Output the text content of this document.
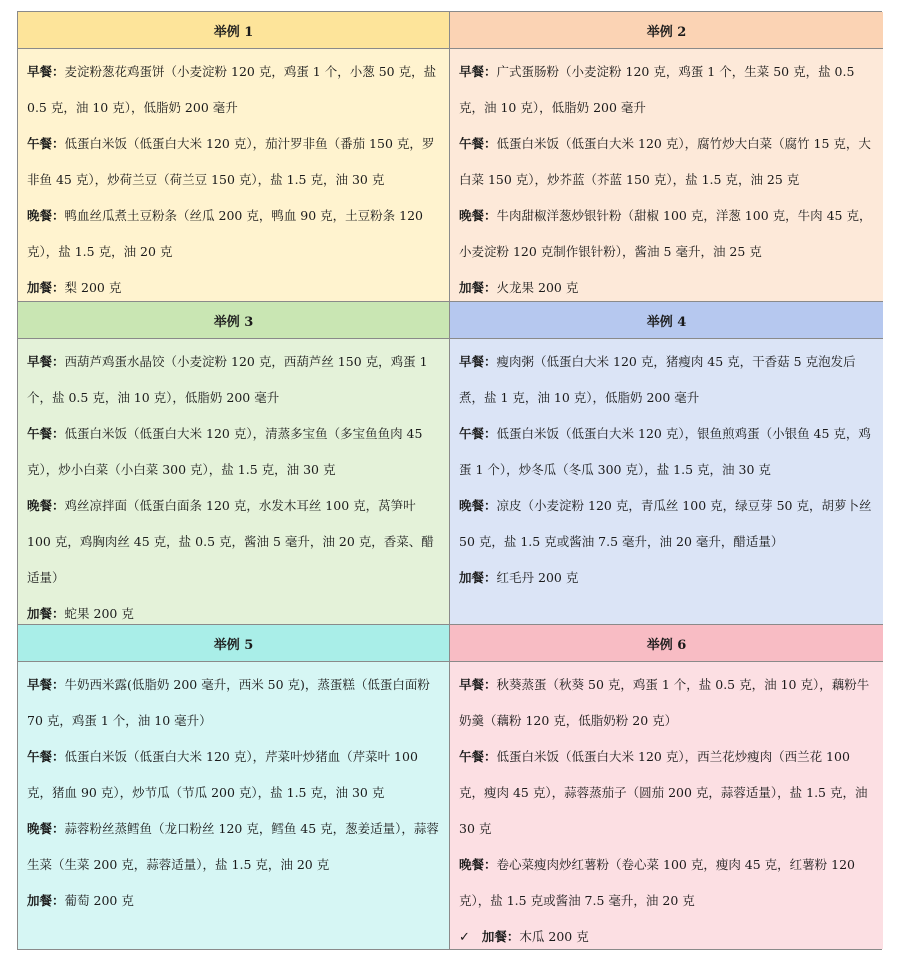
举例 1	举例 2

早餐：麦淀粉葱花鸡蛋饼（小麦淀粉 120 克，鸡蛋 1 个，小葱 50 克，盐 0.5 克，油 10 克），低脂奶 200 毫升

午餐：低蛋白米饭（低蛋白大米 120 克），茄汁罗非鱼（番茄 150 克，罗非鱼 45 克），炒荷兰豆（荷兰豆 150 克），盐 1.5 克，油 30 克

晚餐：鸭血丝瓜煮土豆粉条（丝瓜 200 克，鸭血 90 克，土豆粉条 120 克），盐 1.5 克，油 20 克

加餐：梨 200 克

早餐：广式蛋肠粉（小麦淀粉 120 克，鸡蛋 1 个，生菜 50 克，盐 0.5 克，油 10 克），低脂奶 200 毫升

午餐：低蛋白米饭（低蛋白大米 120 克），腐竹炒大白菜（腐竹 15 克，大白菜 150 克），炒芥蓝（芥蓝 150 克），盐 1.5 克，油 25 克

晚餐：牛肉甜椒洋葱炒银针粉（甜椒 100 克，洋葱 100 克，牛肉 45 克，小麦淀粉 120 克制作银针粉），酱油 5 毫升，油 25 克

加餐：火龙果 200 克

举例 3	举例 4

早餐：西葫芦鸡蛋水晶饺（小麦淀粉 120 克，西葫芦丝 150 克，鸡蛋 1 个，盐 0.5 克，油 10 克），低脂奶 200 毫升

午餐：低蛋白米饭（低蛋白大米 120 克），清蒸多宝鱼（多宝鱼鱼肉 45 克），炒小白菜（小白菜 300 克），盐 1.5 克，油 30 克

晚餐：鸡丝凉拌面（低蛋白面条 120 克，水发木耳丝 100 克，莴笋叶 100 克，鸡胸肉丝 45 克，盐 0.5 克，酱油 5 毫升，油 20 克，香菜、醋适量）

加餐：蛇果 200 克

早餐：瘦肉粥（低蛋白大米 120 克，猪瘦肉 45 克，干香菇 5 克泡发后煮，盐 1 克，油 10 克），低脂奶 200 毫升

午餐：低蛋白米饭（低蛋白大米 120 克），银鱼煎鸡蛋（小银鱼 45 克，鸡蛋 1 个），炒冬瓜（冬瓜 300 克），盐 1.5 克，油 30 克

晚餐：凉皮（小麦淀粉 120 克，青瓜丝 100 克，绿豆芽 50 克，胡萝卜丝 50 克，盐 1.5 克或酱油 7.5 毫升，油 20 毫升，醋适量）

加餐：红毛丹 200 克

举例 5	举例 6

早餐：牛奶西米露(低脂奶 200 毫升，西米 50 克)，蒸蛋糕（低蛋白面粉 70 克，鸡蛋 1 个，油 10 毫升）

午餐：低蛋白米饭（低蛋白大米 120 克），芹菜叶炒猪血（芹菜叶 100 克，猪血 90 克），炒节瓜（节瓜 200 克），盐 1.5 克，油 30 克

晚餐：蒜蓉粉丝蒸鳕鱼（龙口粉丝 120 克，鳕鱼 45 克，葱姜适量），蒜蓉生菜（生菜 200 克，蒜蓉适量），盐 1.5 克，油 20 克

加餐：葡萄 200 克

早餐：秋葵蒸蛋（秋葵 50 克，鸡蛋 1 个，盐 0.5 克，油 10 克），藕粉牛奶羹（藕粉 120 克，低脂奶粉 20 克）

午餐：低蛋白米饭（低蛋白大米 120 克），西兰花炒瘦肉（西兰花 100 克，瘦肉 45 克），蒜蓉蒸茄子（圆茄 200 克，蒜蓉适量），盐 1.5 克，油 30 克

晚餐：卷心菜瘦肉炒红薯粉（卷心菜 100 克，瘦肉 45 克，红薯粉 120 克），盐 1.5 克或酱油 7.5 毫升，油 20 克

✓ 加餐：木瓜 200 克
